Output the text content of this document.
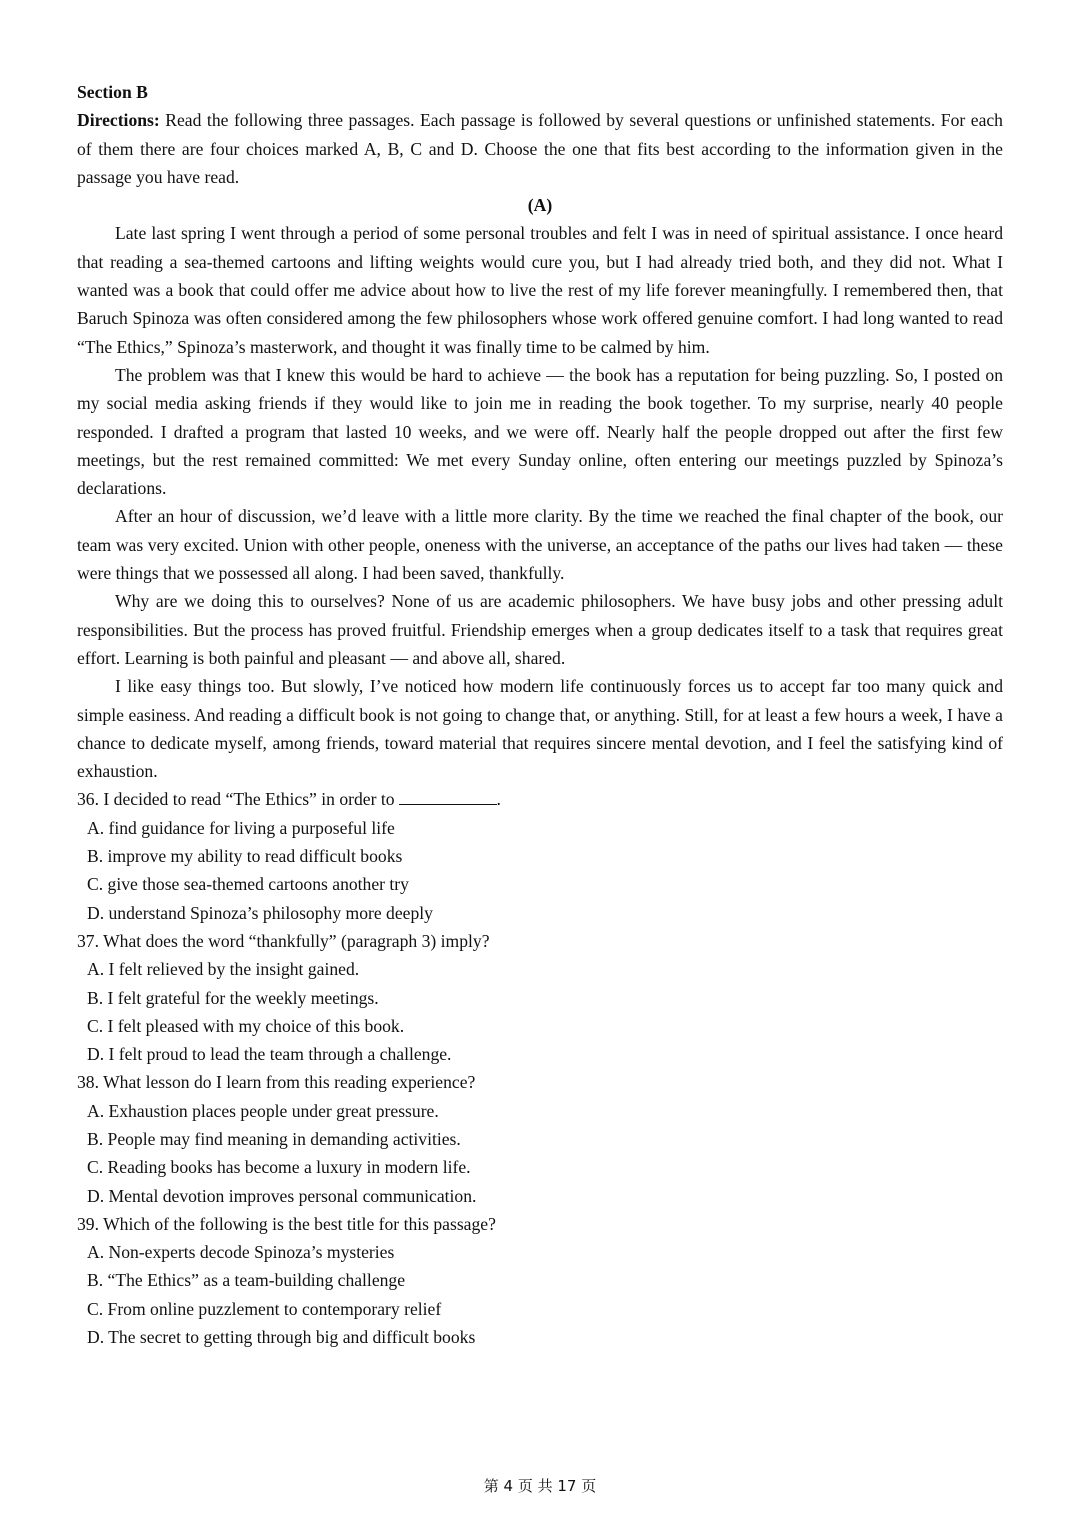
Section B
Directions: Read the following three passages. Each passage is followed by several questions or unfinished statements. For each of them there are four choices marked A, B, C and D. Choose the one that fits best according to the information given in the passage you have read.
(A)
Late last spring I went through a period of some personal troubles and felt I was in need of spiritual assistance. I once heard that reading a sea-themed cartoons and lifting weights would cure you, but I had already tried both, and they did not. What I wanted was a book that could offer me advice about how to live the rest of my life forever meaningfully. I remembered then, that Baruch Spinoza was often considered among the few philosophers whose work offered genuine comfort. I had long wanted to read “The Ethics,” Spinoza’s masterwork, and thought it was finally time to be calmed by him.
The problem was that I knew this would be hard to achieve — the book has a reputation for being puzzling. So, I posted on my social media asking friends if they would like to join me in reading the book together. To my surprise, nearly 40 people responded. I drafted a program that lasted 10 weeks, and we were off. Nearly half the people dropped out after the first few meetings, but the rest remained committed: We met every Sunday online, often entering our meetings puzzled by Spinoza’s declarations.
After an hour of discussion, we’d leave with a little more clarity. By the time we reached the final chapter of the book, our team was very excited. Union with other people, oneness with the universe, an acceptance of the paths our lives had taken — these were things that we possessed all along. I had been saved, thankfully.
Why are we doing this to ourselves? None of us are academic philosophers. We have busy jobs and other pressing adult responsibilities. But the process has proved fruitful. Friendship emerges when a group dedicates itself to a task that requires great effort. Learning is both painful and pleasant — and above all, shared.
I like easy things too. But slowly, I’ve noticed how modern life continuously forces us to accept far too many quick and simple easiness. And reading a difficult book is not going to change that, or anything. Still, for at least a few hours a week, I have a chance to dedicate myself, among friends, toward material that requires sincere mental devotion, and I feel the satisfying kind of exhaustion.
36. I decided to read “The Ethics” in order to	.
A. find guidance for living a purposeful life
B. improve my ability to read difficult books
C. give those sea-themed cartoons another try
D. understand Spinoza’s philosophy more deeply
37. What does the word “thankfully” (paragraph 3) imply?
A. I felt relieved by the insight gained.
B. I felt grateful for the weekly meetings.
C. I felt pleased with my choice of this book.
D. I felt proud to lead the team through a challenge.
38. What lesson do I learn from this reading experience?
A. Exhaustion places people under great pressure.
B. People may find meaning in demanding activities.
C. Reading books has become a luxury in modern life.
D. Mental devotion improves personal communication.
39. Which of the following is the best title for this passage?
A. Non-experts decode Spinoza’s mysteries
B. “The Ethics” as a team-building challenge
C. From online puzzlement to contemporary relief
D. The secret to getting through big and difficult books
第 4 页 共 17 页
